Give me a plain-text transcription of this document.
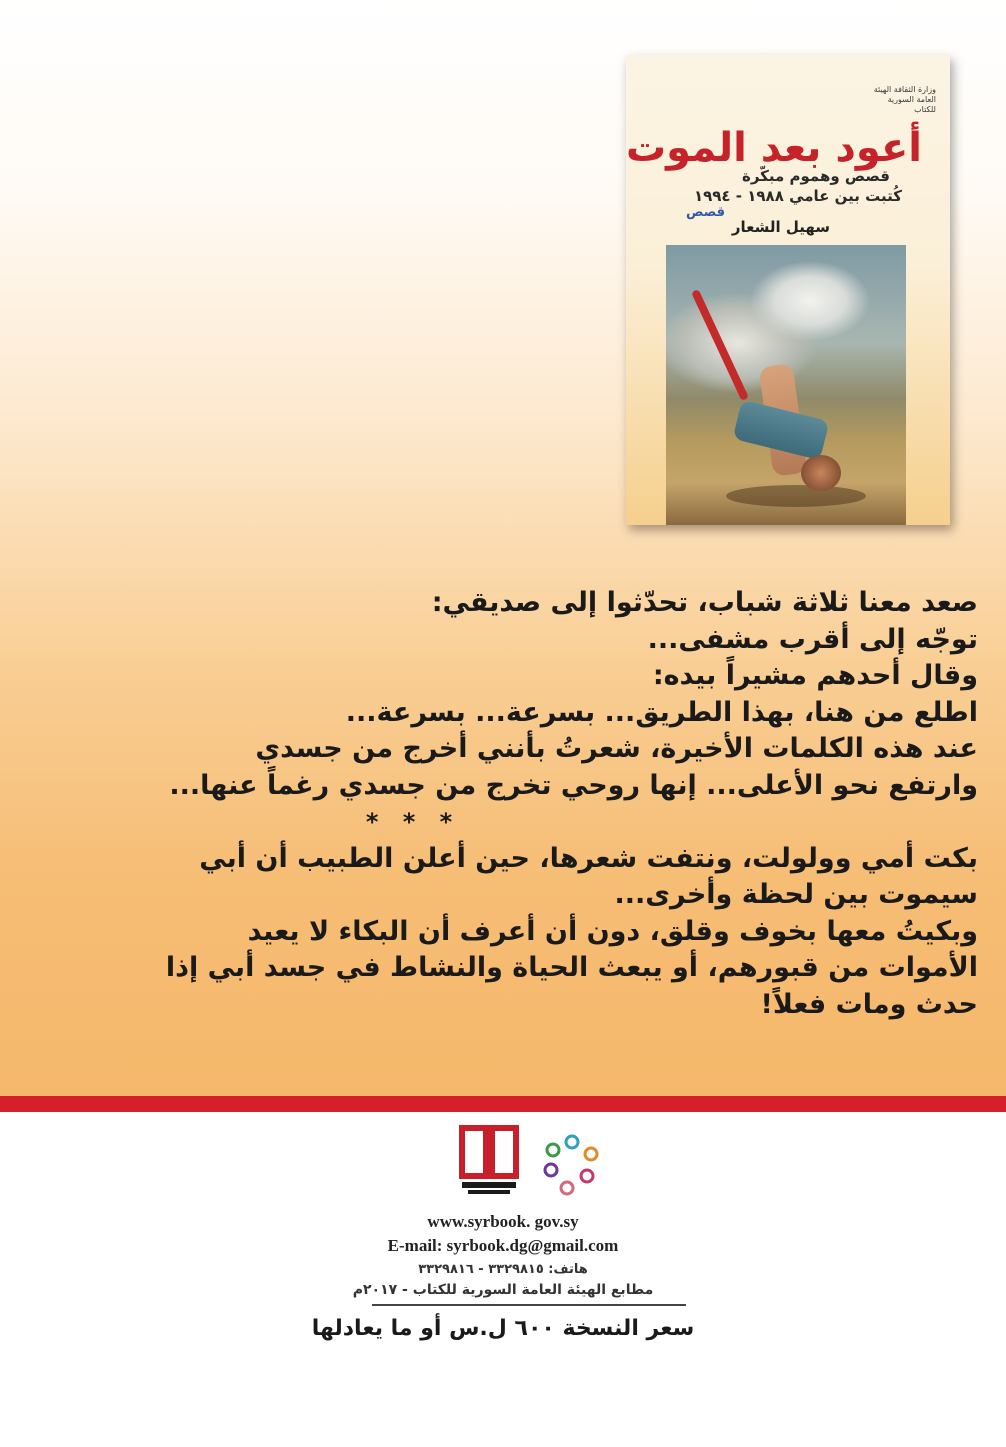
وزارة الثقافة الهيئة العامة السورية للكتاب
أعود بعد الموت
قصص وهموم مبكّرة
كُتبت بين عامي ١٩٨٨ - ١٩٩٤
قصص
سهيل الشعار
صعد معنا ثلاثة شباب، تحدّثوا إلى صديقي:
توجّه إلى أقرب مشفى...
وقال أحدهم مشيراً بيده:
اطلع من هنا، بهذا الطريق... بسرعة... بسرعة...
عند هذه الكلمات الأخيرة، شعرتُ بأنني أخرج من جسدي
وارتفع نحو الأعلى... إنها روحي تخرج من جسدي رغماً عنها...
* * *
بكت أمي وولولت، ونتفت شعرها، حين أعلن الطبيب أن أبي
سيموت بين لحظة وأخرى...
وبكيتُ معها بخوف وقلق، دون أن أعرف أن البكاء لا يعيد
الأموات من قبورهم، أو يبعث الحياة والنشاط في جسد أبي إذا
حدث ومات فعلاً!
www.syrbook. gov.sy
E-mail: syrbook.dg@gmail.com
هاتف: ٣٣٢٩٨١٥ - ٣٣٢٩٨١٦
مطابع الهيئة العامة السورية للكتاب - ٢٠١٧م
سعر النسخة ٦٠٠ ل.س أو ما يعادلها
